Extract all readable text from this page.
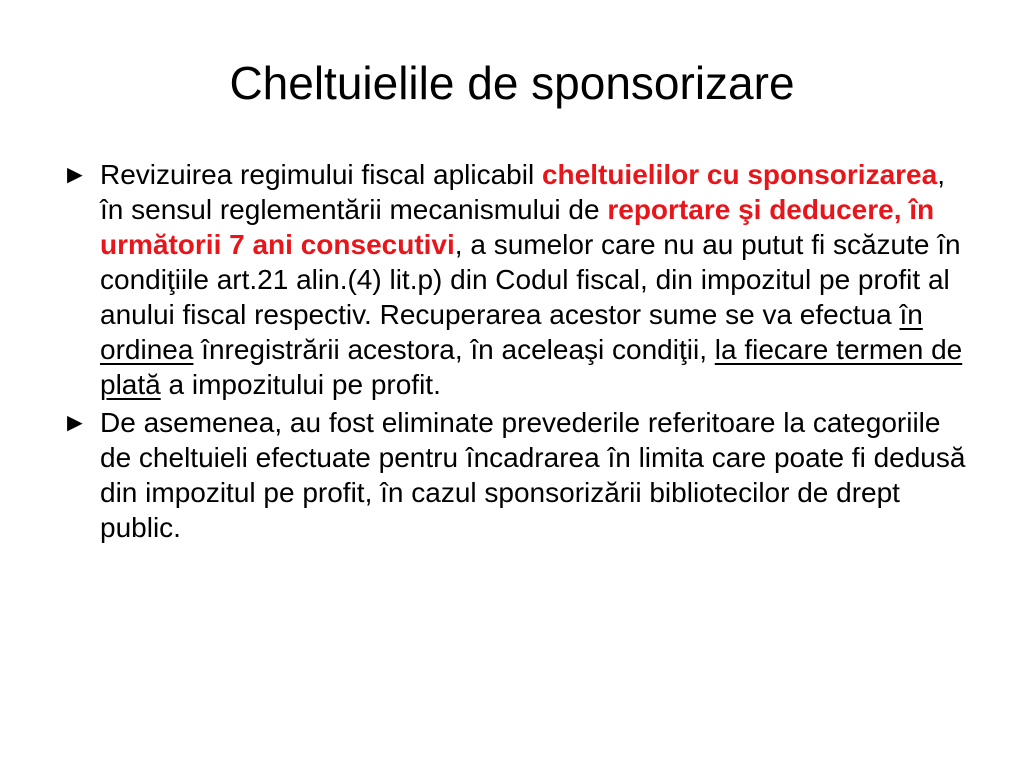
Cheltuielile de sponsorizare
► Revizuirea regimului fiscal aplicabil cheltuielilor cu sponsorizarea, în sensul reglementării mecanismului de reportare şi deducere, în următorii 7 ani consecutivi, a sumelor care nu au putut fi scăzute în condiţiile art.21 alin.(4) lit.p) din Codul fiscal, din impozitul pe profit al anului fiscal respectiv. Recuperarea acestor sume se va efectua în ordinea înregistrării acestora, în aceleaşi condiţii, la fiecare termen de plată a impozitului pe profit.
► De asemenea, au fost eliminate prevederile referitoare la categoriile de cheltuieli efectuate pentru încadrarea în limita care poate fi dedusă din impozitul pe profit, în cazul sponsorizării bibliotecilor de drept public.
